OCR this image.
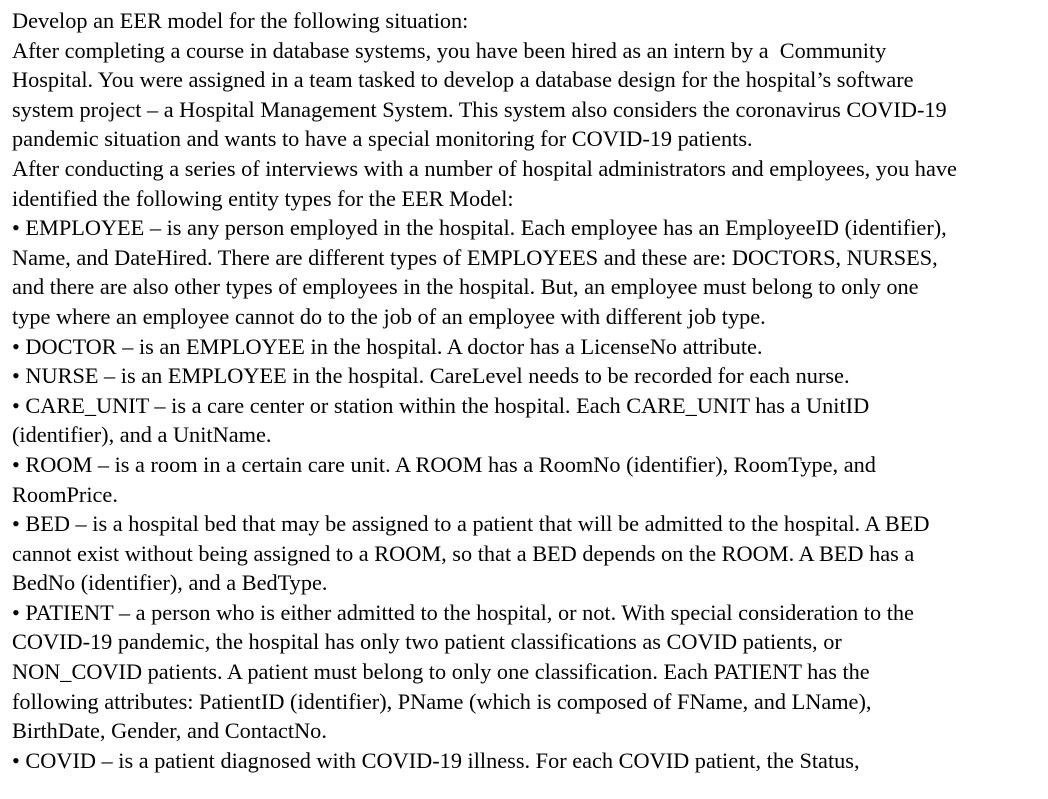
Develop an EER model for the following situation:
After completing a course in database systems, you have been hired as an intern by a  Community
Hospital. You were assigned in a team tasked to develop a database design for the hospital’s software
system project – a Hospital Management System. This system also considers the coronavirus COVID-19
pandemic situation and wants to have a special monitoring for COVID-19 patients.
After conducting a series of interviews with a number of hospital administrators and employees, you have
identified the following entity types for the EER Model:
• EMPLOYEE – is any person employed in the hospital. Each employee has an EmployeeID (identifier),
Name, and DateHired. There are different types of EMPLOYEES and these are: DOCTORS, NURSES,
and there are also other types of employees in the hospital. But, an employee must belong to only one
type where an employee cannot do to the job of an employee with different job type.
• DOCTOR – is an EMPLOYEE in the hospital. A doctor has a LicenseNo attribute.
• NURSE – is an EMPLOYEE in the hospital. CareLevel needs to be recorded for each nurse.
• CARE_UNIT – is a care center or station within the hospital. Each CARE_UNIT has a UnitID
(identifier), and a UnitName.
• ROOM – is a room in a certain care unit. A ROOM has a RoomNo (identifier), RoomType, and
RoomPrice.
• BED – is a hospital bed that may be assigned to a patient that will be admitted to the hospital. A BED
cannot exist without being assigned to a ROOM, so that a BED depends on the ROOM. A BED has a
BedNo (identifier), and a BedType.
• PATIENT – a person who is either admitted to the hospital, or not. With special consideration to the
COVID-19 pandemic, the hospital has only two patient classifications as COVID patients, or
NON_COVID patients. A patient must belong to only one classification. Each PATIENT has the
following attributes: PatientID (identifier), PName (which is composed of FName, and LName),
BirthDate, Gender, and ContactNo.
• COVID – is a patient diagnosed with COVID-19 illness. For each COVID patient, the Status,
